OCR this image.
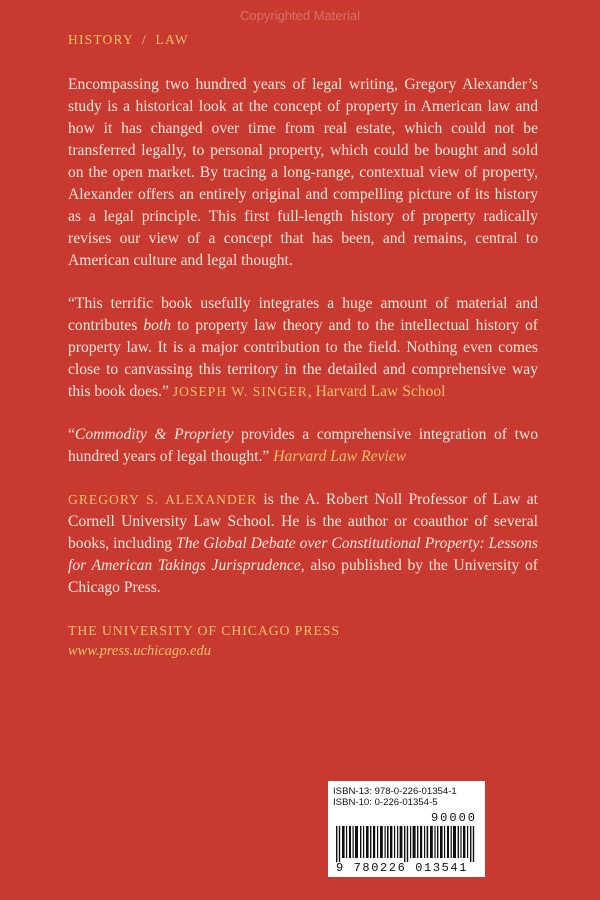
Copyrighted Material
HISTORY / LAW

Encompassing two hundred years of legal writing, Gregory Alexander’s study is a historical look at the concept of property in American law and how it has changed over time from real estate, which could not be transferred legally, to personal property, which could be bought and sold on the open market. By tracing a long-range, contextual view of property, Alexander offers an entirely original and compelling picture of its history as a legal principle. This first full-length history of property radically revises our view of a concept that has been, and remains, central to American culture and legal thought.

“This terrific book usefully integrates a huge amount of material and contributes both to property law theory and to the intellectual history of property law. It is a major contribution to the field. Nothing even comes close to canvassing this territory in the detailed and comprehensive way this book does.” JOSEPH W. SINGER, Harvard Law School

“Commodity & Propriety provides a comprehensive integration of two hundred years of legal thought.” Harvard Law Review

GREGORY S. ALEXANDER is the A. Robert Noll Professor of Law at Cornell University Law School. He is the author or coauthor of several books, including The Global Debate over Constitutional Property: Lessons for American Takings Jurisprudence, also published by the University of Chicago Press.

THE UNIVERSITY OF CHICAGO PRESS
www.press.uchicago.edu
ISBN-13: 978-0-226-01354-1
ISBN-10: 0-226-01354-5
90000
9 780226 013541
